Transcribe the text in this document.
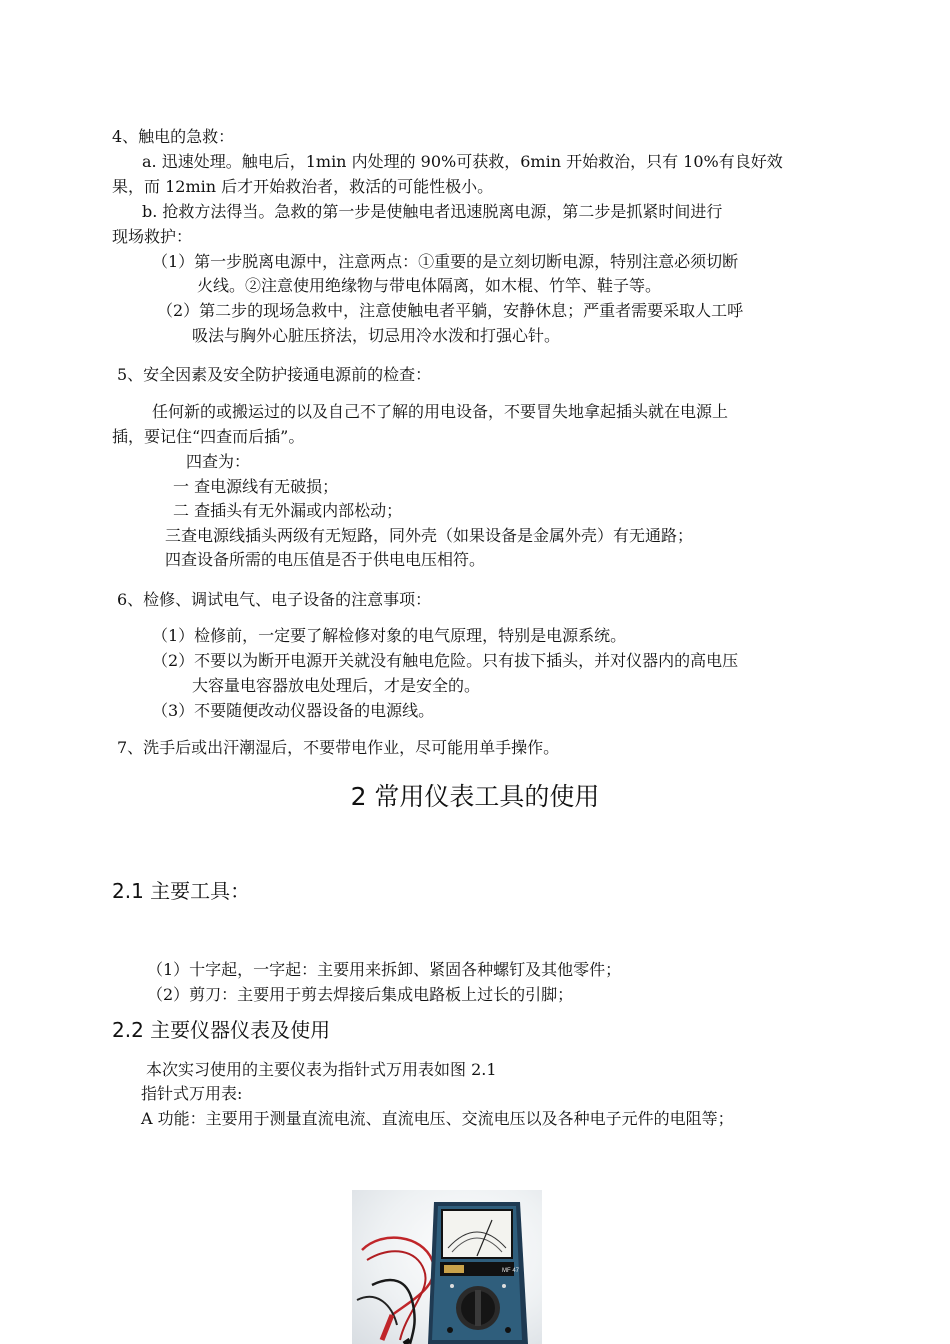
4、触电的急救：

a. 迅速处理。触电后，1min 内处理的 90%可获救，6min 开始救治，只有 10%有良好效

果，而 12min 后才开始救治者，救活的可能性极小。

b. 抢救方法得当。急救的第一步是使触电者迅速脱离电源，第二步是抓紧时间进行

现场救护：

（1）第一步脱离电源中，注意两点：①重要的是立刻切断电源，特别注意必须切断

火线。②注意使用绝缘物与带电体隔离，如木棍、竹竿、鞋子等。

（2）第二步的现场急救中，注意使触电者平躺，安静休息；严重者需要采取人工呼

吸法与胸外心脏压挤法，切忌用冷水泼和打强心针。

5、安全因素及安全防护接通电源前的检查：

任何新的或搬运过的以及自己不了解的用电设备，不要冒失地拿起插头就在电源上

插，要记住“四查而后插”。

四查为：

一 查电源线有无破损；

二 查插头有无外漏或内部松动；

三查电源线插头两级有无短路，同外壳（如果设备是金属外壳）有无通路；

四查设备所需的电压值是否于供电电压相符。

6、检修、调试电气、电子设备的注意事项：

（1）检修前，一定要了解检修对象的电气原理，特别是电源系统。

（2）不要以为断开电源开关就没有触电危险。只有拔下插头，并对仪器内的高电压

大容量电容器放电处理后，才是安全的。

（3）不要随便改动仪器设备的电源线。

7、洗手后或出汗潮湿后，不要带电作业，尽可能用单手操作。

2 常用仪表工具的使用
2.1 主要工具：

（1）十字起，一字起：主要用来拆卸、紧固各种螺钉及其他零件；

（2）剪刀：主要用于剪去焊接后集成电路板上过长的引脚；

2.2 主要仪器仪表及使用

本次实习使用的主要仪表为指针式万用表如图 2.1

指针式万用表:

A 功能：主要用于测量直流电流、直流电压、交流电压以及各种电子元件的电阻等；

MF 47
